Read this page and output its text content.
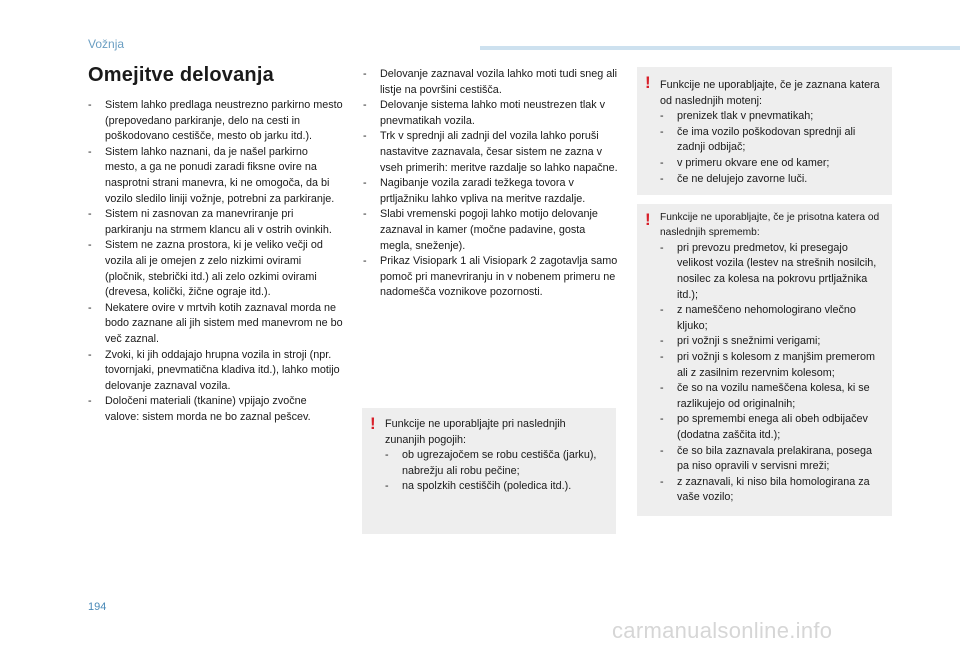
Vožnja
Omejitve delovanja
- Sistem lahko predlaga neustrezno parkirno mesto (prepovedano parkiranje, delo na cesti in poškodovano cestišče, mesto ob jarku itd.).
- Sistem lahko naznani, da je našel parkirno mesto, a ga ne ponudi zaradi fiksne ovire na nasprotni strani manevra, ki ne omogoča, da bi vozilo sledilo liniji vožnje, potrebni za parkiranje.
- Sistem ni zasnovan za manevriranje pri parkiranju na strmem klancu ali v ostrih ovinkih.
- Sistem ne zazna prostora, ki je veliko večji od vozila ali je omejen z zelo nizkimi ovirami (pločnik, stebrički itd.) ali zelo ozkimi ovirami (drevesa, količki, žične ograje itd.).
- Nekatere ovire v mrtvih kotih zaznaval morda ne bodo zaznane ali jih sistem med manevrom ne bo več zaznal.
- Zvoki, ki jih oddajajo hrupna vozila in stroji (npr. tovornjaki, pnevmatična kladiva itd.), lahko motijo delovanje zaznaval vozila.
- Določeni materiali (tkanine) vpijajo zvočne valove: sistem morda ne bo zaznal pešcev.
- Delovanje zaznaval vozila lahko moti tudi sneg ali listje na površini cestišča.
- Delovanje sistema lahko moti neustrezen tlak v pnevmatikah vozila.
- Trk v sprednji ali zadnji del vozila lahko poruši nastavitve zaznavala, česar sistem ne zazna v vseh primerih: meritve razdalje so lahko napačne.
- Nagibanje vozila zaradi težkega tovora v prtljažniku lahko vpliva na meritve razdalje.
- Slabi vremenski pogoji lahko motijo delovanje zaznaval in kamer (močne padavine, gosta megla, sneženje).
- Prikaz Visiopark 1 ali Visiopark 2 zagotavlja samo pomoč pri manevriranju in v nobenem primeru ne nadomešča voznikove pozornosti.
! Funkcije ne uporabljajte pri naslednjih zunanjih pogojih:

- ob ugrezajočem se robu cestišča (jarku), nabrežju ali robu pečine;
- na spolzkih cestiščih (poledica itd.).
! Funkcije ne uporabljajte, če je zaznana katera od naslednjih motenj:

- prenizek tlak v pnevmatikah;
- če ima vozilo poškodovan sprednji ali zadnji odbijač;
- v primeru okvare ene od kamer;
- če ne delujejo zavorne luči.
! Funkcije ne uporabljajte, če je prisotna katera od naslednjih sprememb:

- pri prevozu predmetov, ki presegajo velikost vozila (lestev na strešnih nosilcih, nosilec za kolesa na pokrovu prtljažnika itd.);
- z nameščeno nehomologirano vlečno kljuko;
- pri vožnji s snežnimi verigami;
- pri vožnji s kolesom z manjšim premerom ali z zasilnim rezervnim kolesom;
- če so na vozilu nameščena kolesa, ki se razlikujejo od originalnih;
- po spremembi enega ali obeh odbijačev (dodatna zaščita itd.);
- če so bila zaznavala prelakirana, posega pa niso opravili v servisni mreži;
- z zaznavali, ki niso bila homologirana za vaše vozilo;
194
carmanualsonline.info
